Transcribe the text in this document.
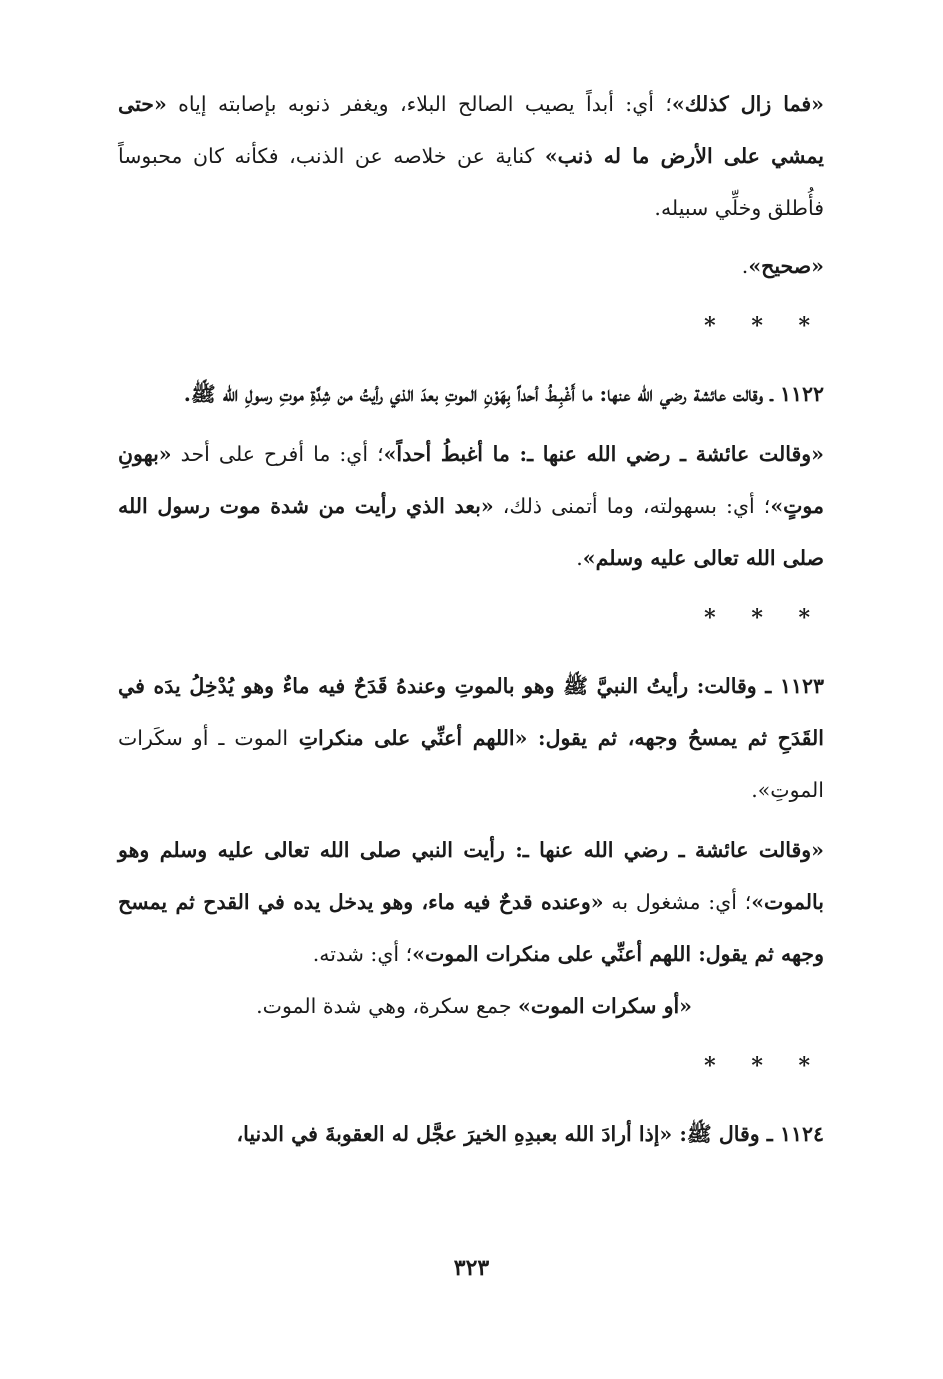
«فما زال كذلك»؛ أي: أبداً يصيب الصالح البلاء، ويغفر ذنوبه بإصابته إياه «حتى يمشي على الأرض ما له ذنب» كناية عن خلاصه عن الذنب، فكأنه كان محبوساً فأُطلق وخلِّي سبيله.

«صحيح».

* * *

١١٢٢ ـ وقالت عائشة رضي الله عنها: ما أَغْبِـطُ أحداً بِهَوْنِ الموتِ بعدَ الذي رأيتُ من شِدَّةِ موتِ رسولِ الله ﷺ.

«وقالت عائشة ـ رضي الله عنها ـ: ما أغبطُ أحداً»؛ أي: ما أفرح على أحد «بهونِ موتٍ»؛ أي: بسهولته، وما أتمنى ذلك، «بعد الذي رأيت من شدة موت رسول الله صلى الله تعالى عليه وسلم».

* * *

١١٢٣ ـ وقالت: رأيتُ النبيَّ ﷺ وهو بالموتِ وعندهُ قَدَحٌ فيه ماءٌ وهو يُدْخِلُ يدَه في القَدَحِ ثم يمسحُ وجهه، ثم يقول: «اللهم أعنِّي على منكراتِ الموت ـ أو سكَرات الموتِ».

«وقالت عائشة ـ رضي الله عنها ـ: رأيت النبي صلى الله تعالى عليه وسلم وهو بالموت»؛ أي: مشغول به «وعنده قدحٌ فيه ماء، وهو يدخل يده في القدح ثم يمسح وجهه ثم يقول: اللهم أعنِّي على منكرات الموت»؛ أي: شدته.

«أو سكرات الموت» جمع سكرة، وهي شدة الموت.

* * *

١١٢٤ ـ وقال ﷺ: «إذا أرادَ الله بعبدِهِ الخيرَ عجَّل له العقوبةَ في الدنيا،

٣٢٣
